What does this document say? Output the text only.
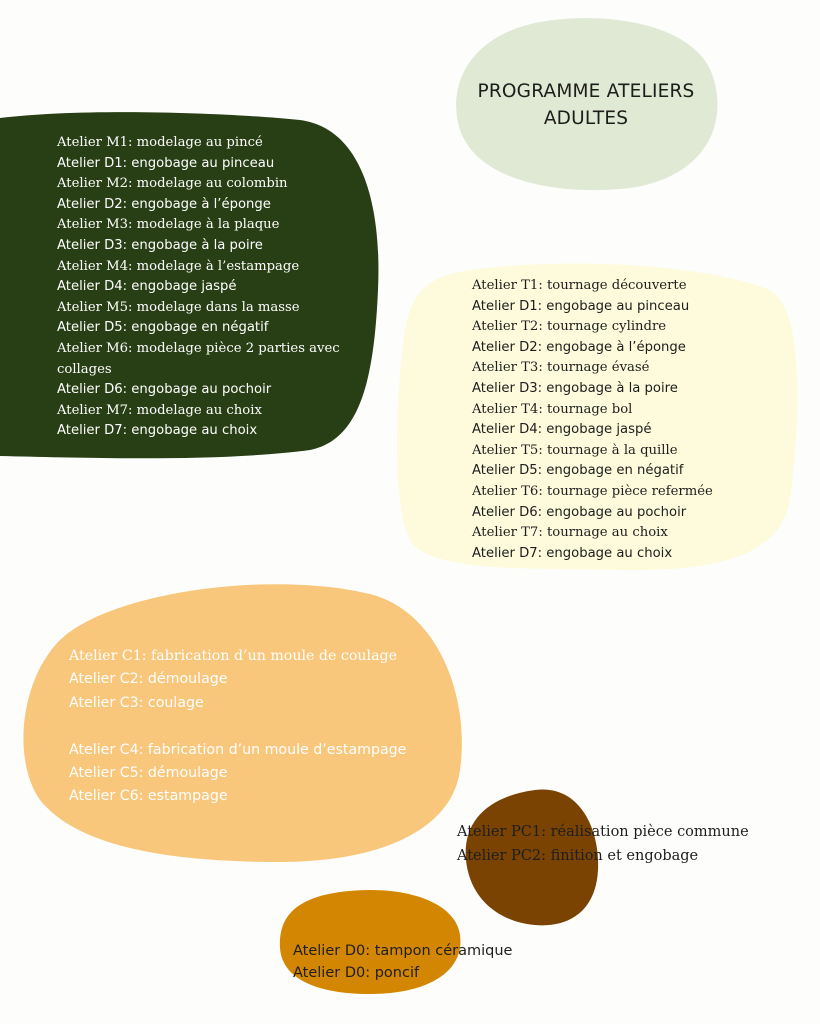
PROGRAMME ATELIERS
ADULTES
Atelier M1: modelage au pincé
Atelier D1: engobage au pinceau
Atelier M2: modelage au colombin
Atelier D2: engobage à l’éponge
Atelier M3: modelage à la plaque
Atelier D3: engobage à la poire
Atelier M4: modelage à l’estampage
Atelier D4: engobage jaspé
Atelier M5: modelage dans la masse
Atelier D5: engobage en négatif
Atelier M6: modelage pièce 2 parties avec collages
Atelier D6: engobage au pochoir
Atelier M7: modelage au choix
Atelier D7: engobage au choix
Atelier T1: tournage découverte
Atelier D1: engobage au pinceau
Atelier T2: tournage cylindre
Atelier D2: engobage à l’éponge
Atelier T3: tournage évasé
Atelier D3: engobage à la poire
Atelier T4: tournage bol
Atelier D4: engobage jaspé
Atelier T5: tournage à la quille
Atelier D5: engobage en négatif
Atelier T6: tournage pièce refermée
Atelier D6: engobage au pochoir
Atelier T7: tournage au choix
Atelier D7: engobage au choix
Atelier C1: fabrication d’un moule de coulage
Atelier C2: démoulage
Atelier C3: coulage
Atelier C4: fabrication d’un moule d’estampage
Atelier C5: démoulage
Atelier C6: estampage
Atelier PC1: réalisation pièce commune
Atelier PC2: finition et engobage
Atelier D0: tampon céramique
Atelier D0: poncif
